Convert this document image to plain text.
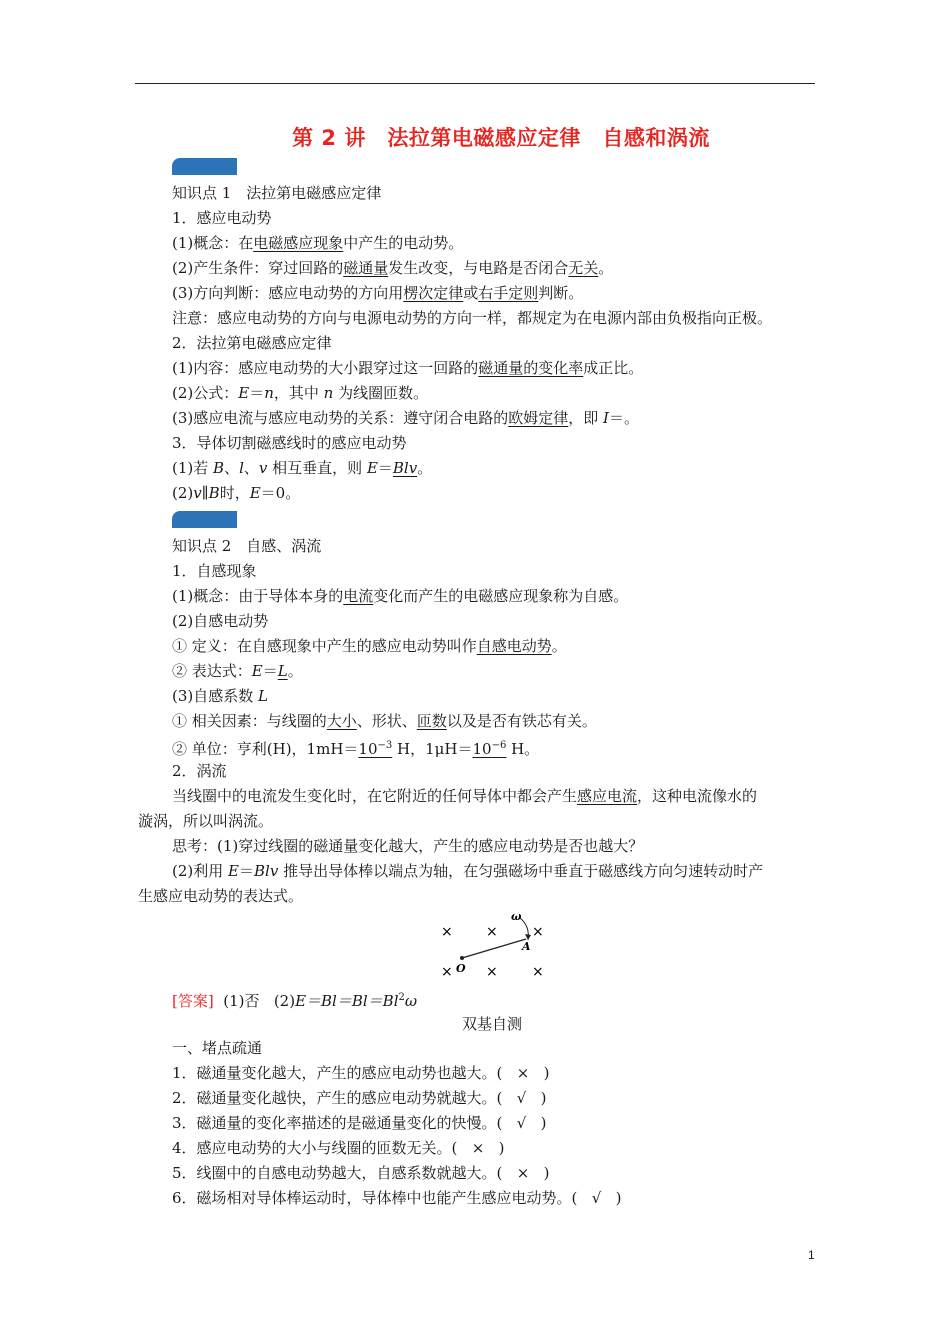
第 2 讲　法拉第电磁感应定律　自感和涡流
知识点 1　法拉第电磁感应定律
1．感应电动势
(1)概念：在电磁感应现象中产生的电动势。
(2)产生条件：穿过回路的磁通量发生改变，与电路是否闭合无关。
(3)方向判断：感应电动势的方向用楞次定律或右手定则判断。
注意：感应电动势的方向与电源电动势的方向一样，都规定为在电源内部由负极指向正极。
2．法拉第电磁感应定律
(1)内容：感应电动势的大小跟穿过这一回路的磁通量的变化率成正比。
(2)公式：E＝n，其中 n 为线圈匝数。
(3)感应电流与感应电动势的关系：遵守闭合电路的欧姆定律，即 I＝。
3．导体切割磁感线时的感应电动势
(1)若 B、l、v 相互垂直，则 E＝Blv。
(2)v∥B时，E＝0。
知识点 2　自感、涡流
1．自感现象
(1)概念：由于导体本身的电流变化而产生的电磁感应现象称为自感。
(2)自感电动势
① 定义：在自感现象中产生的感应电动势叫作自感电动势。
② 表达式：E＝L。
(3)自感系数 L
① 相关因素：与线圈的大小、形状、匝数以及是否有铁芯有关。
② 单位：亨利(H)，$1mH=10^{-3}$ H，$1\mu H=10^{-6}$ H。
2．涡流
当线圈中的电流发生变化时，在它附近的任何导体中都会产生感应电流，这种电流像水的
漩涡，所以叫涡流。
思考：(1)穿过线圈的磁通量变化越大，产生的感应电动势是否也越大？
(2)利用 E＝Blv 推导出导体棒以端点为轴，在匀强磁场中垂直于磁感线方向匀速转动时产
生感应电动势的表达式。
× × ×
× × ×
O
A
ω
[答案] (1)否 $(2)E=Bl=Bl=Bl^2\omega$
双基自测
一、堵点疏通
1．磁通量变化越大，产生的感应电动势也越大。( × )
2．磁通量变化越快，产生的感应电动势就越大。( √ )
3．磁通量的变化率描述的是磁通量变化的快慢。( √ )
4．感应电动势的大小与线圈的匝数无关。( × )
5．线圈中的自感电动势越大，自感系数就越大。( × )
6．磁场相对导体棒运动时，导体棒中也能产生感应电动势。( √ )
1
